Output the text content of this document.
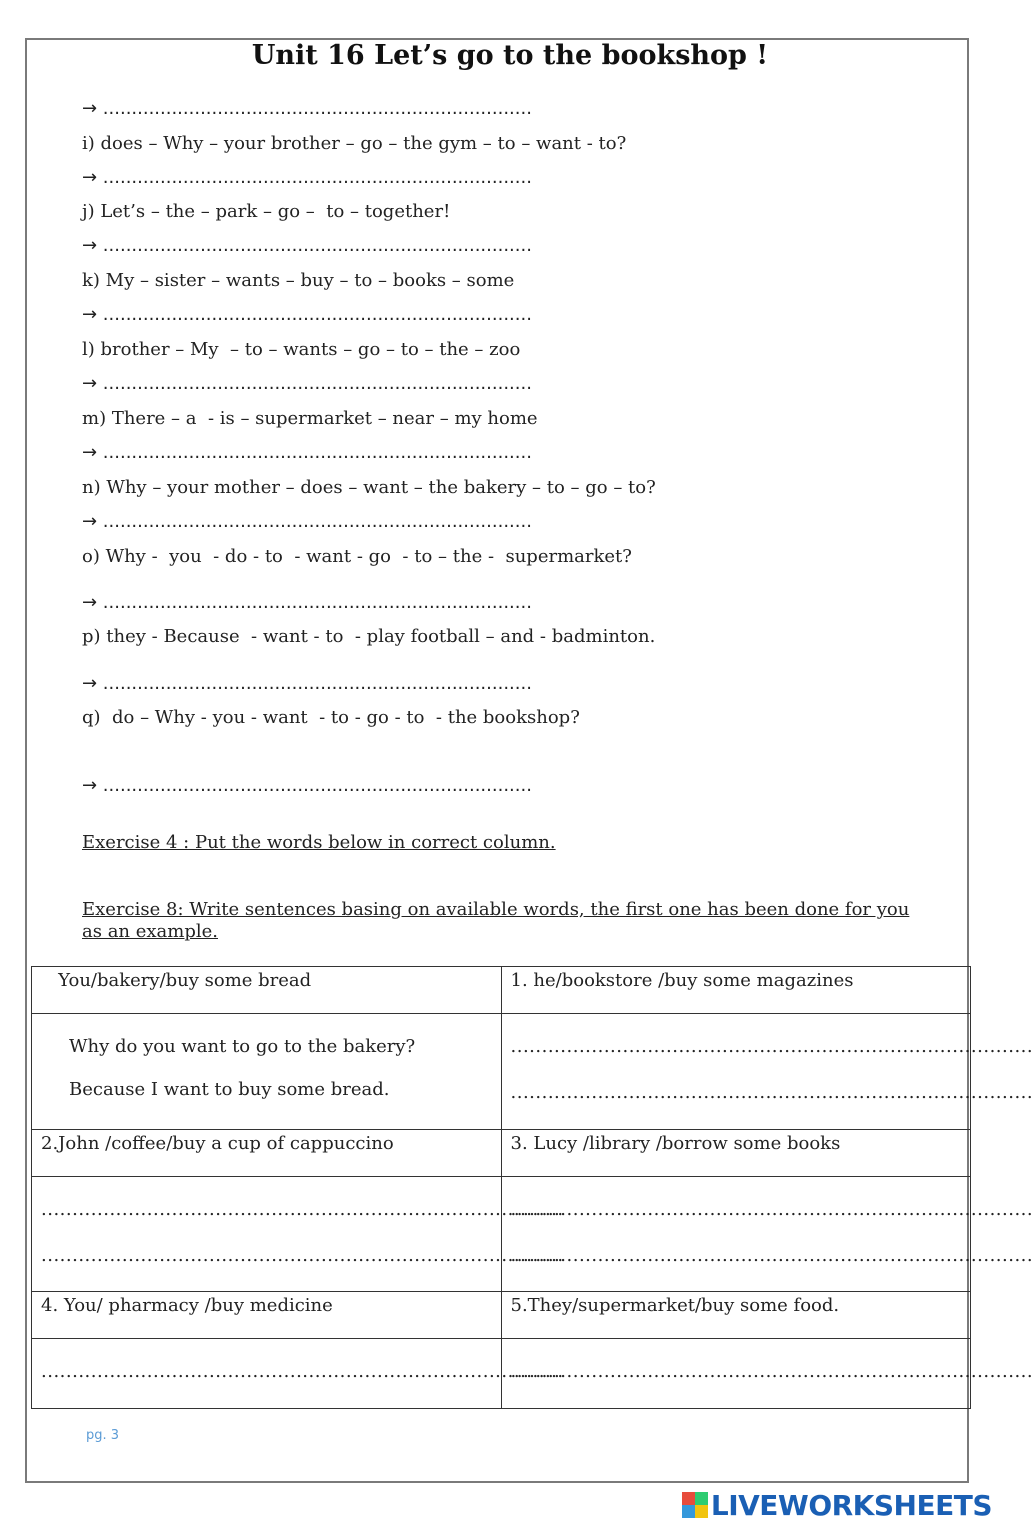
Unit 16 Let’s go to the bookshop !
→ ...........................................................................
i) does – Why – your brother – go – the gym – to – want - to?
→ ...........................................................................
j) Let’s – the – park – go –  to – together!
→ ...........................................................................
k) My – sister – wants – buy – to – books – some
→ ...........................................................................
l) brother – My  – to – wants – go – to – the – zoo
→ ...........................................................................
m) There – a  - is – supermarket – near – my home
→ ...........................................................................
n) Why – your mother – does – want – the bakery – to – go – to?
→ ...........................................................................
o) Why -  you  - do - to  - want - go  - to – the -  supermarket?
→ ...........................................................................
p) they - Because  - want - to  - play football – and - badminton.
→ ...........................................................................
q)  do – Why - you - want  - to - go - to  - the bookshop?
→ ...........................................................................
Exercise 4 : Put the words below in correct column.
Exercise 8: Write sentences basing on available words, the first one has been done for you as an example.
You/bakery/buy some bread	1. he/bookstore /buy some magazines

Why do you want to go to the bakery?
Because I want to buy some bread.	....................................................................................
....................................................................................

2.John /coffee/buy a cup of cappuccino	3. Lucy /library /borrow some books

....................................................................................
....................................................................................	....................................................................................
....................................................................................

4. You/ pharmacy /buy medicine	5.They/supermarket/buy some food.

....................................................................................	....................................................................................
pg. 3
LIVEWORKSHEETS
